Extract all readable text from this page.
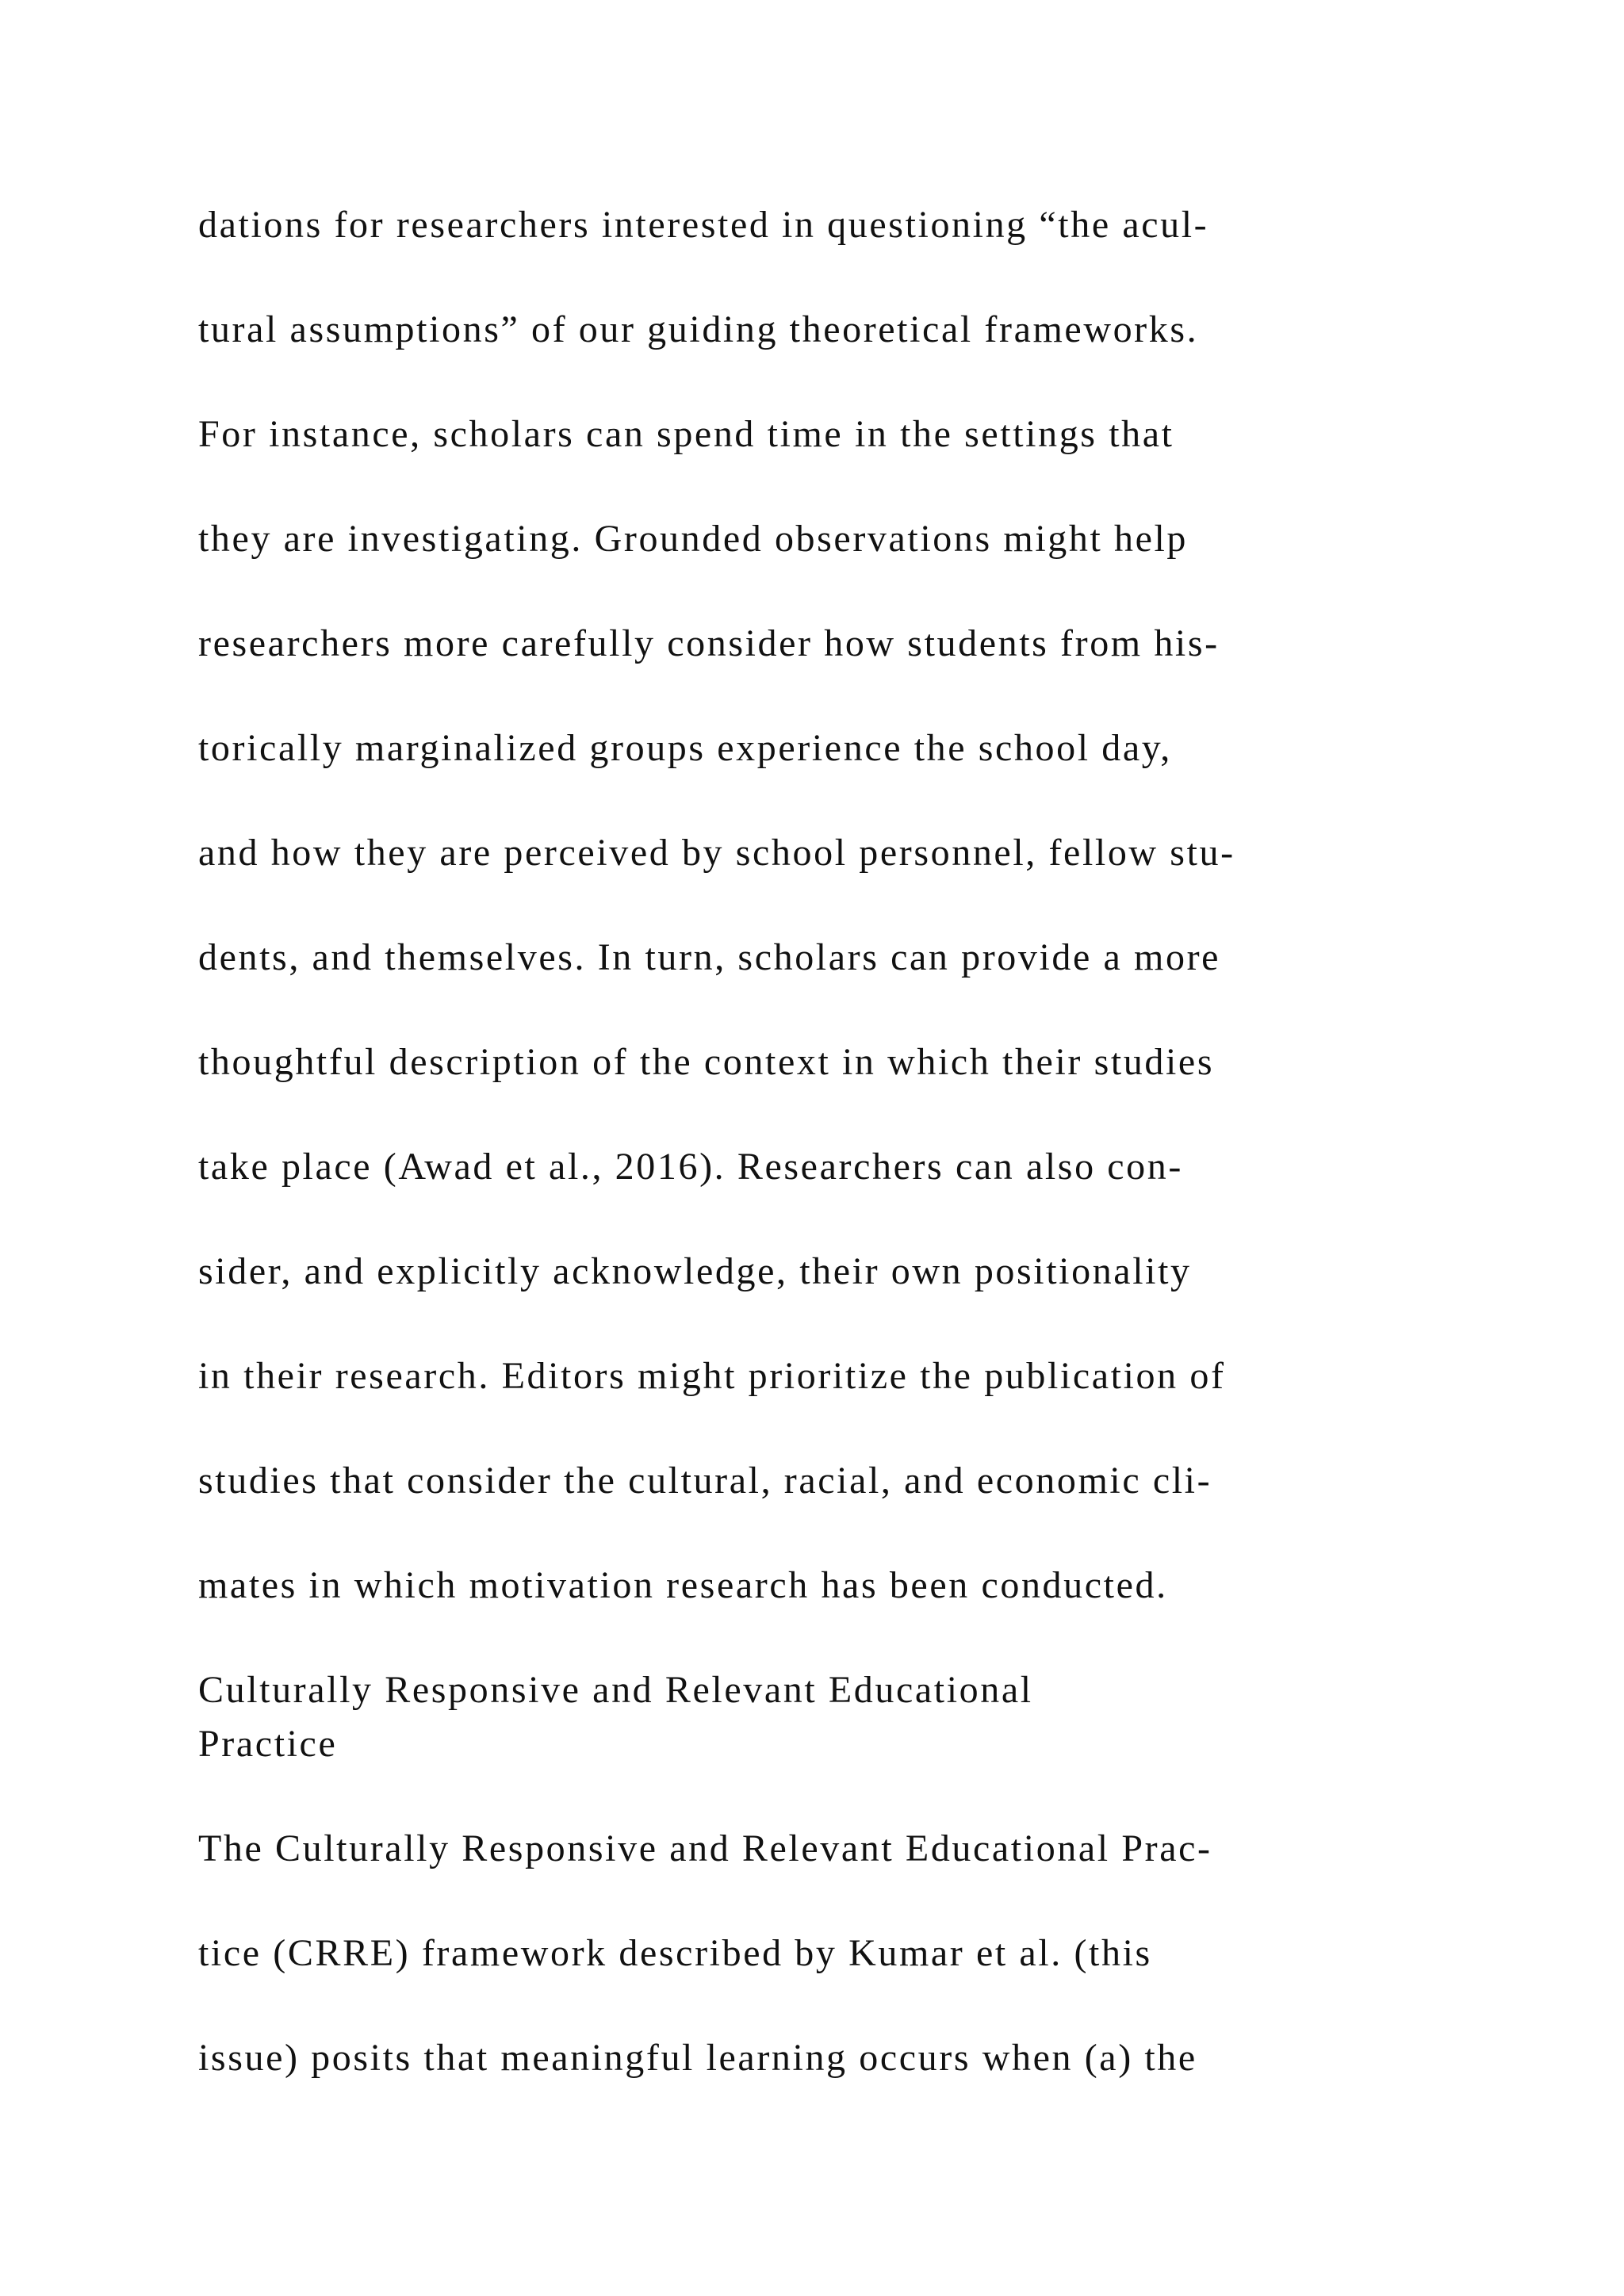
dations for researchers interested in questioning “the acul-
tural assumptions” of our guiding theoretical frameworks.
For instance, scholars can spend time in the settings that
they are investigating. Grounded observations might help
researchers more carefully consider how students from his-
torically marginalized groups experience the school day,
and how they are perceived by school personnel, fellow stu-
dents, and themselves. In turn, scholars can provide a more
thoughtful description of the context in which their studies
take place (Awad et al., 2016). Researchers can also con-
sider, and explicitly acknowledge, their own positionality
in their research. Editors might prioritize the publication of
studies that consider the cultural, racial, and economic cli-
mates in which motivation research has been conducted.
Culturally Responsive and Relevant Educational
Practice
The Culturally Responsive and Relevant Educational Prac-
tice (CRRE) framework described by Kumar et al. (this
issue) posits that meaningful learning occurs when (a) the
